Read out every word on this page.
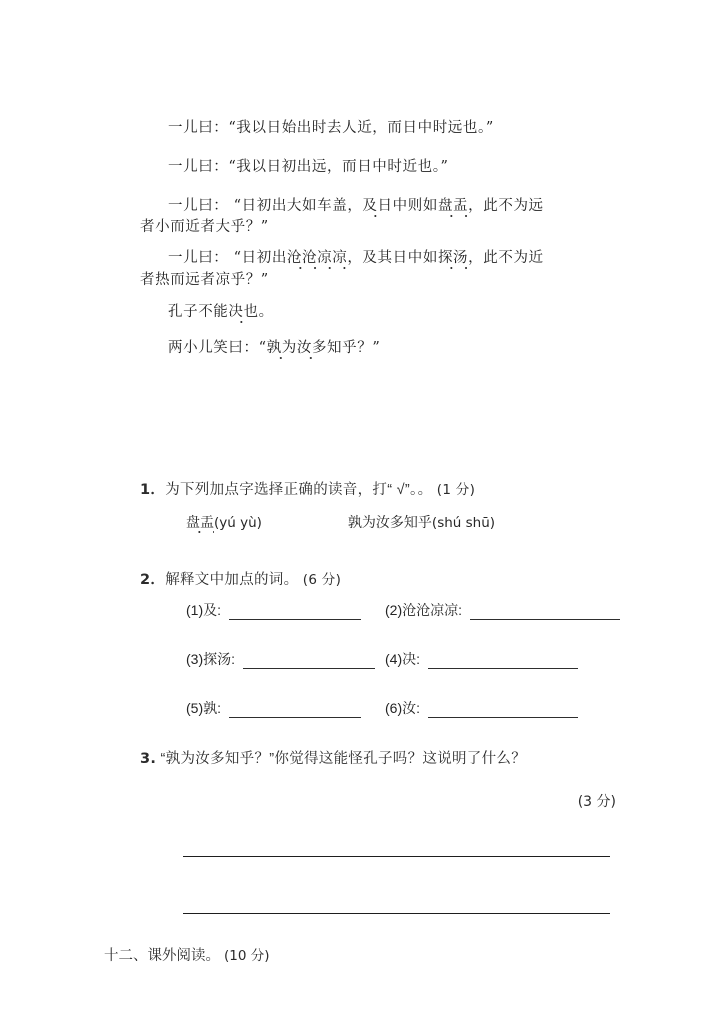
一儿曰：“我以日始出时去人近，而日中时远也。”
一儿曰：“我以日初出远，而日中时近也。”
一儿曰： “日初出大如车盖，及日中则如盘盂，此不为远
者小而近者大乎？”
一儿曰： “日初出沧沧凉凉，及其日中如探汤，此不为近
者热而远者凉乎？”
孔子不能决也。
两小儿笑曰：“孰为汝多知乎？”
1．为下列加点字选择正确的读音，打“ √”。。 (1 分)
盘盂(yú yù)	孰为汝多知乎(shú shū)
2．解释文中加点的词。 (6 分)
(1)及:	(2)沧沧凉凉:
(3)探汤:	(4)决:
(5)孰:	(6)汝:
3. “孰为汝多知乎？”你觉得这能怪孔子吗？这说明了什么？
(3 分)
十二、课外阅读。 (10 分)
